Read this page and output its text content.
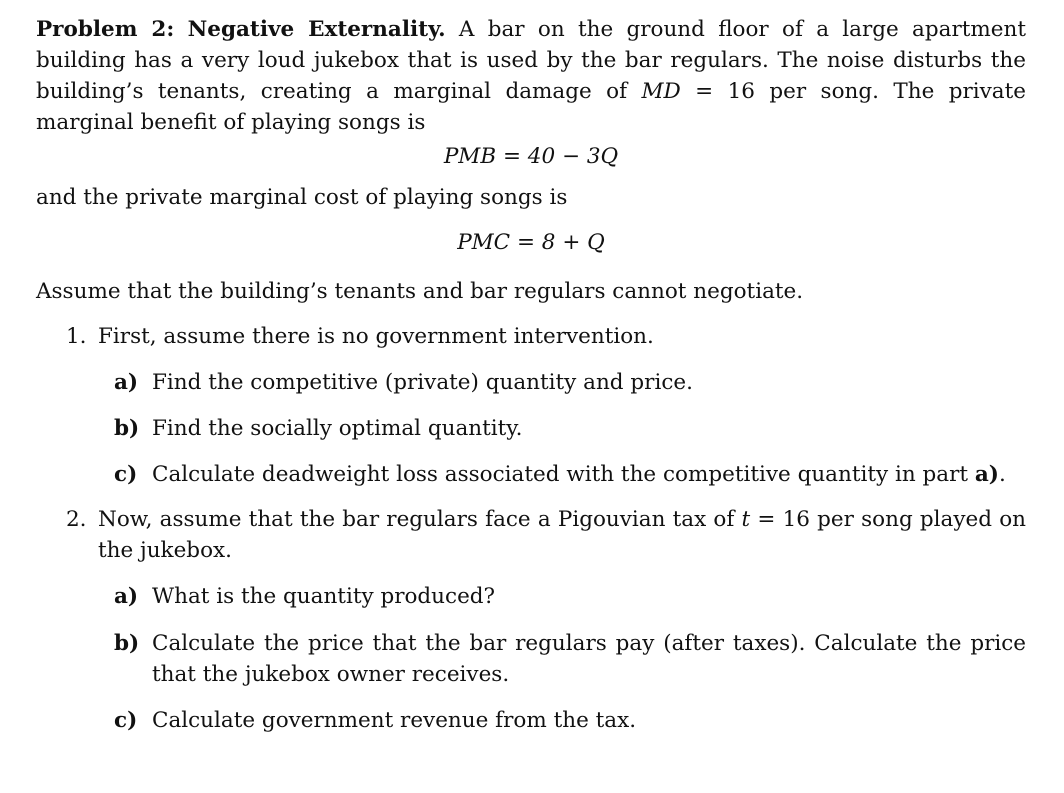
Problem 2: Negative Externality. A bar on the ground floor of a large apartment building has a very loud jukebox that is used by the bar regulars. The noise disturbs the building’s tenants, creating a marginal damage of MD = 16 per song. The private marginal benefit of playing songs is

PMB = 40 − 3Q

and the private marginal cost of playing songs is

PMC = 8 + Q

Assume that the building’s tenants and bar regulars cannot negotiate.

1. First, assume there is no government intervention.
a) Find the competitive (private) quantity and price.
b) Find the socially optimal quantity.
c) Calculate deadweight loss associated with the competitive quantity in part a).
2. Now, assume that the bar regulars face a Pigouvian tax of t = 16 per song played on the jukebox.
a) What is the quantity produced?
b) Calculate the price that the bar regulars pay (after taxes). Calculate the price that the jukebox owner receives.
c) Calculate government revenue from the tax.
